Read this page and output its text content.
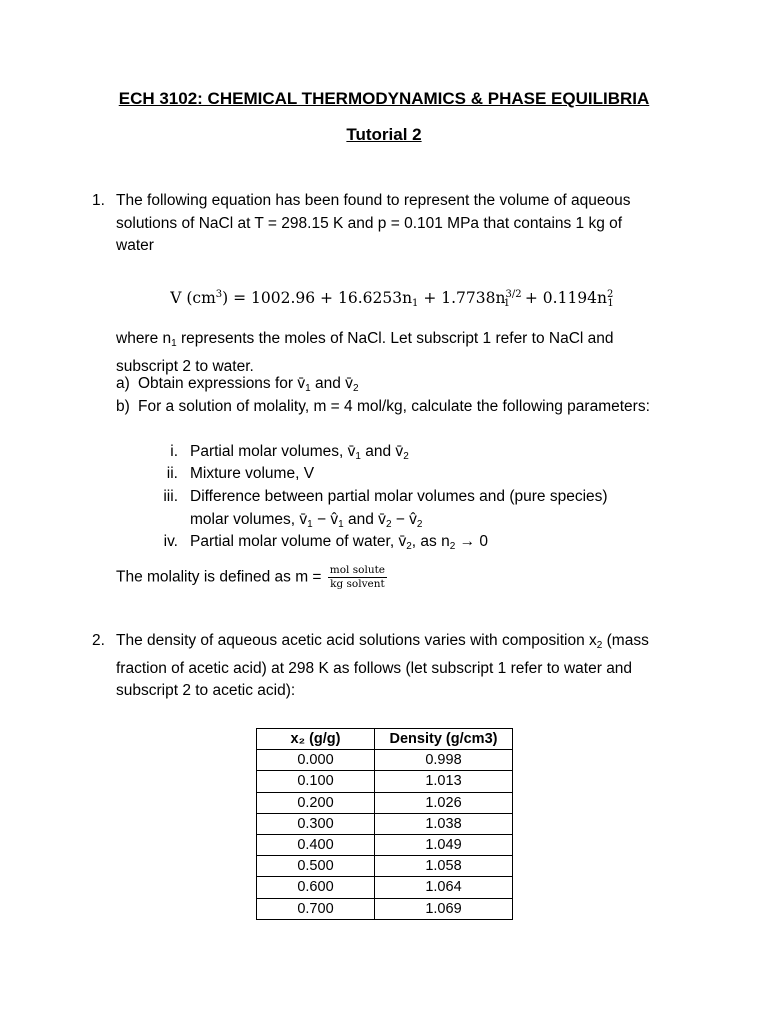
ECH 3102: CHEMICAL THERMODYNAMICS & PHASE EQUILIBRIA
Tutorial 2
1. The following equation has been found to represent the volume of aqueous solutions of NaCl at T = 298.15 K and p = 0.101 MPa that contains 1 kg of water

V $(cm^3) = 1002.96 + 16.6253n_1 + 1.7738n^{3/2}_1 + 0.1194n^2_1$
where $n_1$ represents the moles of NaCl. Let subscript 1 refer to NaCl and subscript 2 to water.
a) Obtain expressions for $v̄_1$ and $v̄_2$
b) For a solution of molality, m = 4 mol/kg, calculate the following parameters:
i. Partial molar volumes, $v̄_1$ and $v̄_2$
ii. Mixture volume, V
iii. Difference between partial molar volumes and (pure species) molar volumes, $v̄_1$ − $v̂_1$ and $v̄_2$ − $v̂_2$
iv. Partial molar volume of water, $v̄_2$, as $n_2 \to 0$
The molality is defined as $m = \frac{\text{mol solute}}{\text{kg solvent}}$
2. The density of aqueous acetic acid solutions varies with composition $x_2$ (mass fraction of acetic acid) at 298 K as follows (let subscript 1 refer to water and subscript 2 to acetic acid):
x₂ (g/g)	Density (g/cm3)
0.000	0.998
0.100	1.013
0.200	1.026
0.300	1.038
0.400	1.049
0.500	1.058
0.600	1.064
0.700	1.069
